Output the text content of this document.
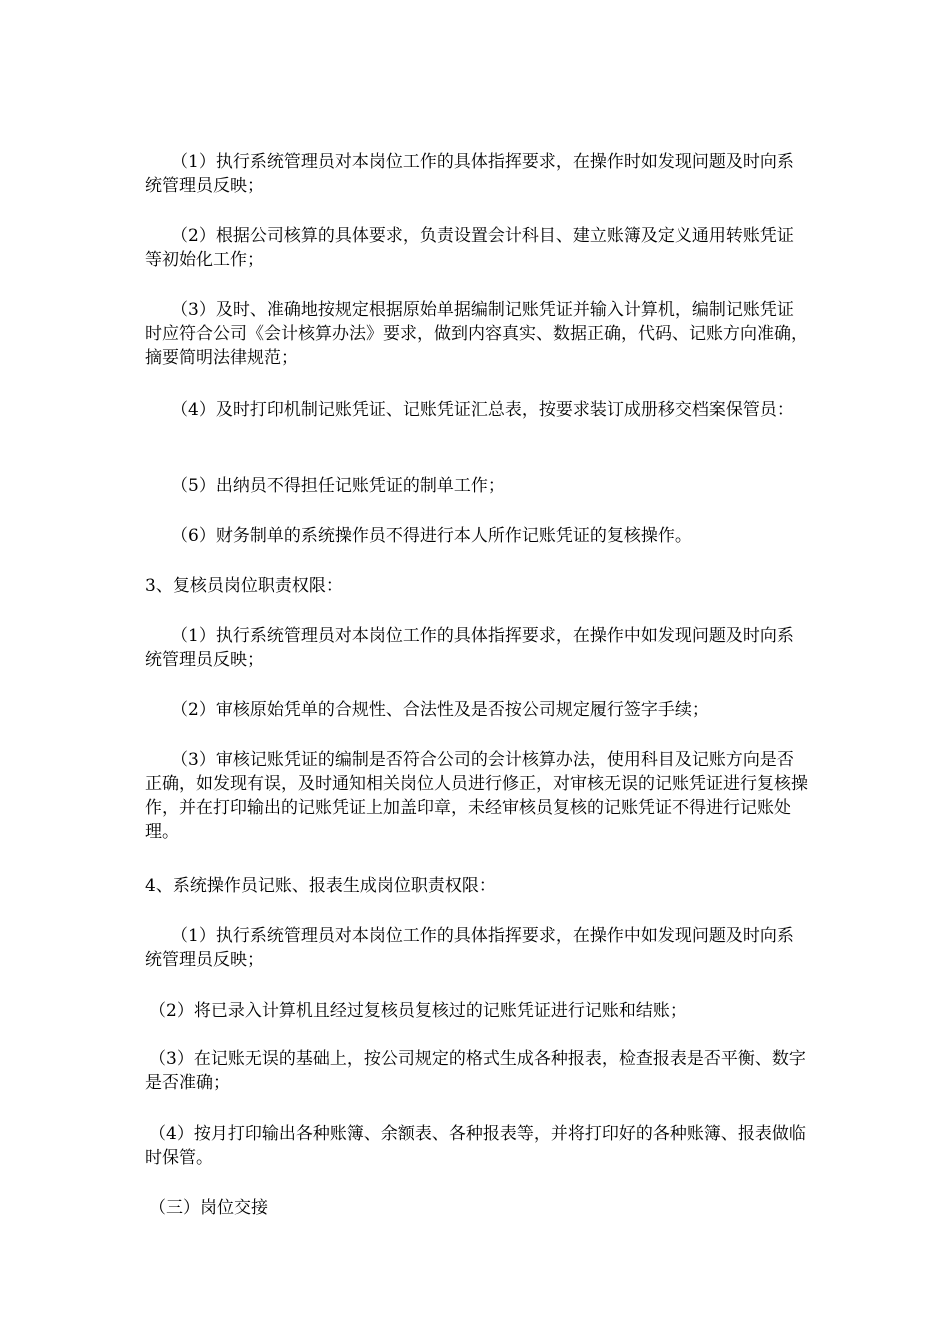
（1）执行系统管理员对本岗位工作的具体指挥要求，在操作时如发现问题及时向系统管理员反映；

（2）根据公司核算的具体要求，负责设置会计科目、建立账簿及定义通用转账凭证等初始化工作；

（3）及时、准确地按规定根据原始单据编制记账凭证并输入计算机，编制记账凭证时应符合公司《会计核算办法》要求，做到内容真实、数据正确，代码、记账方向准确，摘要简明法律规范；

（4）及时打印机制记账凭证、记账凭证汇总表，按要求装订成册移交档案保管员：

（5）出纳员不得担任记账凭证的制单工作；

（6）财务制单的系统操作员不得进行本人所作记账凭证的复核操作。

3、复核员岗位职责权限：

（1）执行系统管理员对本岗位工作的具体指挥要求，在操作中如发现问题及时向系统管理员反映；

（2）审核原始凭单的合规性、合法性及是否按公司规定履行签字手续；

（3）审核记账凭证的编制是否符合公司的会计核算办法，使用科目及记账方向是否正确，如发现有误，及时通知相关岗位人员进行修正，对审核无误的记账凭证进行复核操作，并在打印输出的记账凭证上加盖印章，未经审核员复核的记账凭证不得进行记账处理。

4、系统操作员记账、报表生成岗位职责权限：

（1）执行系统管理员对本岗位工作的具体指挥要求，在操作中如发现问题及时向系统管理员反映；

（2）将已录入计算机且经过复核员复核过的记账凭证进行记账和结账；

（3）在记账无误的基础上，按公司规定的格式生成各种报表，检查报表是否平衡、数字是否准确；

（4）按月打印输出各种账簿、余额表、各种报表等，并将打印好的各种账簿、报表做临时保管。

（三）岗位交接
